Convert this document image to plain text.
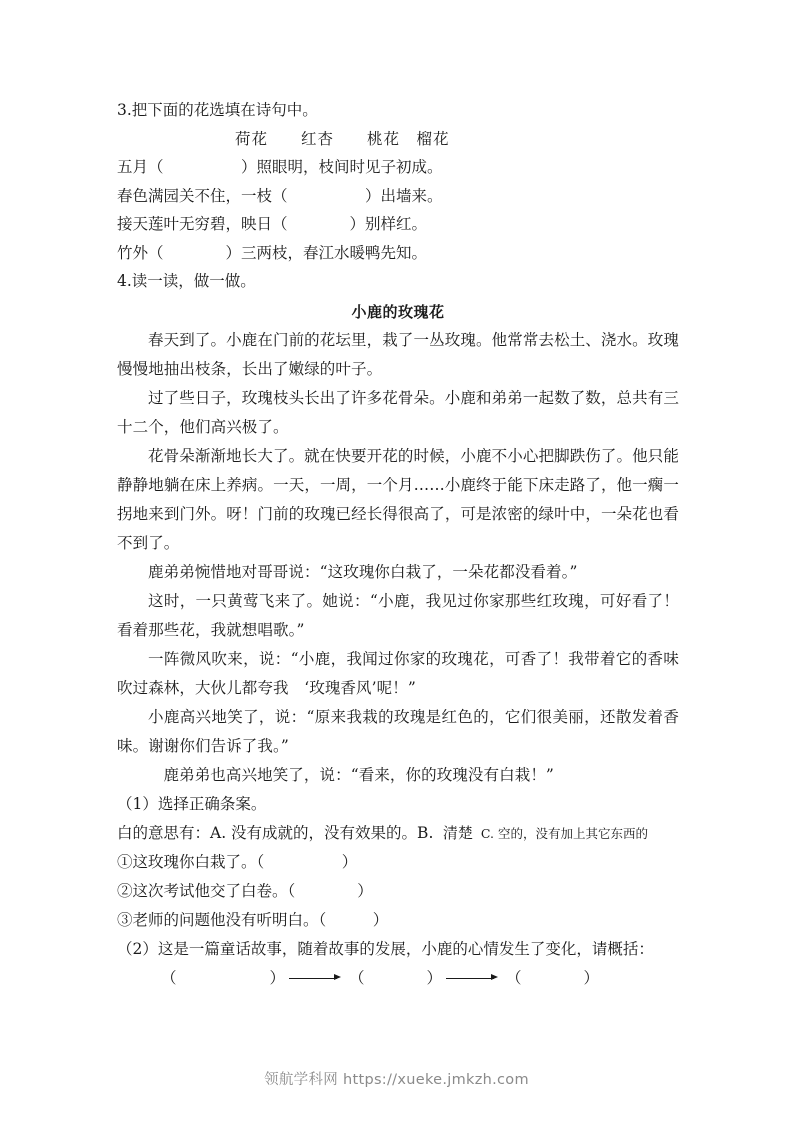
3.把下面的花选填在诗句中。
荷花　　红杏　　桃花　榴花
五月（　　　　　）照眼明，枝间时见子初成。
春色满园关不住，一枝（　　　　　）出墙来。
接天莲叶无穷碧，映日（　　　　）别样红。
竹外（　　　　）三两枝，春江水暖鸭先知。
4.读一读，做一做。
小鹿的玫瑰花

春天到了。小鹿在门前的花坛里，栽了一丛玫瑰。他常常去松土、浇水。玫瑰慢慢地抽出枝条，长出了嫩绿的叶子。

过了些日子，玫瑰枝头长出了许多花骨朵。小鹿和弟弟一起数了数，总共有三十二个，他们高兴极了。

花骨朵渐渐地长大了。就在快要开花的时候，小鹿不小心把脚跌伤了。他只能静静地躺在床上养病。一天，一周，一个月……小鹿终于能下床走路了，他一瘸一拐地来到门外。呀！门前的玫瑰已经长得很高了，可是浓密的绿叶中，一朵花也看不到了。

鹿弟弟惋惜地对哥哥说：“这玫瑰你白栽了，一朵花都没看着。”

这时，一只黄莺飞来了。她说：“小鹿，我见过你家那些红玫瑰，可好看了！看着那些花，我就想唱歌。”

一阵微风吹来，说：“小鹿，我闻过你家的玫瑰花，可香了！我带着它的香味吹过森林，大伙儿都夸我　‘玫瑰香风’呢！”

小鹿高兴地笑了，说：“原来我栽的玫瑰是红色的，它们很美丽，还散发着香味。谢谢你们告诉了我。”

鹿弟弟也高兴地笑了，说：“看来，你的玫瑰没有白栽！”

（1）选择正确条案。

白的意思有：A. 没有成就的，没有效果的。B. 清楚 C. 空的，没有加上其它东西的

①这玫瑰你白栽了。（　　　　　）

②这次考试他交了白卷。（　　　　）

③老师的问题他没有听明白。（　　　）

（2）这是一篇童话故事，随着故事的发展，小鹿的心情发生了变化，请概括：

（　　　　　　）	（　　　　）	（　　　　）
领航学科网 https://xueke.jmkzh.com
